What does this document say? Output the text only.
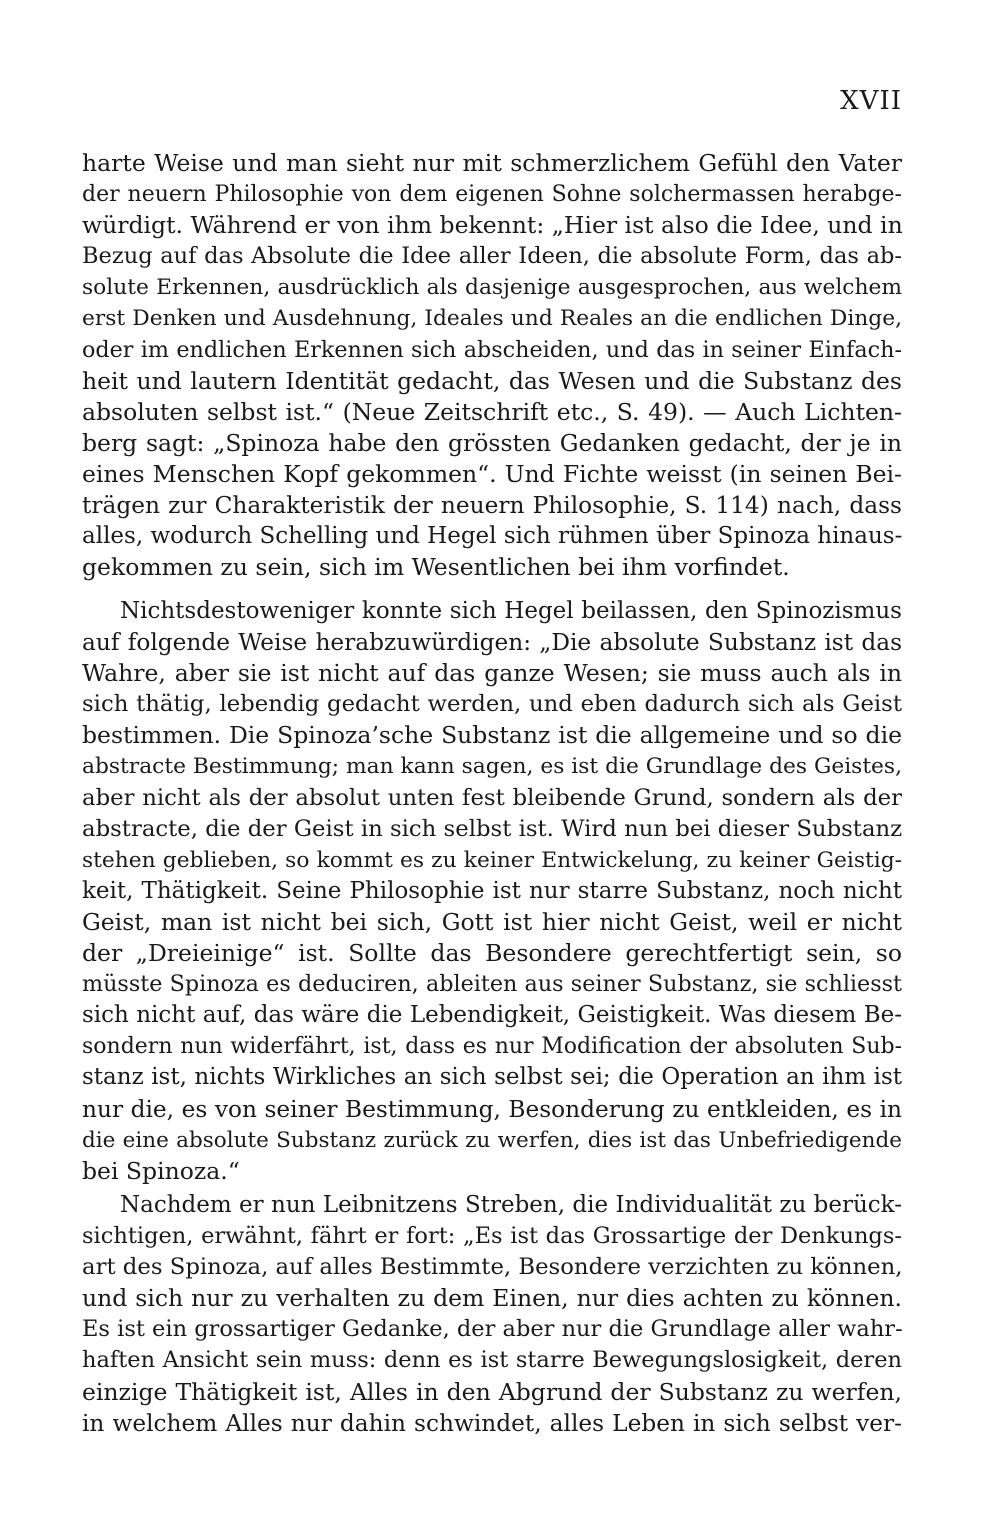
XVII
harte Weise und man sieht nur mit schmerzlichem Gefühl den Vater
der neuern Philosophie von dem eigenen Sohne solchermassen herabge-
würdigt. Während er von ihm bekennt: „Hier ist also die Idee, und in
Bezug auf das Absolute die Idee aller Ideen, die absolute Form, das ab-
solute Erkennen, ausdrücklich als dasjenige ausgesprochen, aus welchem
erst Denken und Ausdehnung, Ideales und Reales an die endlichen Dinge,
oder im endlichen Erkennen sich abscheiden, und das in seiner Einfach-
heit und lautern Identität gedacht, das Wesen und die Substanz des
absoluten selbst ist.“ (Neue Zeitschrift etc., S. 49). — Auch Lichten-
berg sagt: „Spinoza habe den grössten Gedanken gedacht, der je in
eines Menschen Kopf gekommen“. Und Fichte weisst (in seinen Bei-
trägen zur Charakteristik der neuern Philosophie, S. 114) nach, dass
alles, wodurch Schelling und Hegel sich rühmen über Spinoza hinaus-
gekommen zu sein, sich im Wesentlichen bei ihm vorfindet.
Nichtsdestoweniger konnte sich Hegel beilassen, den Spinozismus
auf folgende Weise herabzuwürdigen: „Die absolute Substanz ist das
Wahre, aber sie ist nicht auf das ganze Wesen; sie muss auch als in
sich thätig, lebendig gedacht werden, und eben dadurch sich als Geist
bestimmen. Die Spinoza’sche Substanz ist die allgemeine und so die
abstracte Bestimmung; man kann sagen, es ist die Grundlage des Geistes,
aber nicht als der absolut unten fest bleibende Grund, sondern als der
abstracte, die der Geist in sich selbst ist. Wird nun bei dieser Substanz
stehen geblieben, so kommt es zu keiner Entwickelung, zu keiner Geistig-
keit, Thätigkeit. Seine Philosophie ist nur starre Substanz, noch nicht
Geist, man ist nicht bei sich, Gott ist hier nicht Geist, weil er nicht
der „Dreieinige“ ist. Sollte das Besondere gerechtfertigt sein, so
müsste Spinoza es deduciren, ableiten aus seiner Substanz, sie schliesst
sich nicht auf, das wäre die Lebendigkeit, Geistigkeit. Was diesem Be-
sondern nun widerfährt, ist, dass es nur Modification der absoluten Sub-
stanz ist, nichts Wirkliches an sich selbst sei; die Operation an ihm ist
nur die, es von seiner Bestimmung, Besonderung zu entkleiden, es in
die eine absolute Substanz zurück zu werfen, dies ist das Unbefriedigende
bei Spinoza.“
Nachdem er nun Leibnitzens Streben, die Individualität zu berück-
sichtigen, erwähnt, fährt er fort: „Es ist das Grossartige der Denkungs-
art des Spinoza, auf alles Bestimmte, Besondere verzichten zu können,
und sich nur zu verhalten zu dem Einen, nur dies achten zu können.
Es ist ein grossartiger Gedanke, der aber nur die Grundlage aller wahr-
haften Ansicht sein muss: denn es ist starre Bewegungslosigkeit, deren
einzige Thätigkeit ist, Alles in den Abgrund der Substanz zu werfen,
in welchem Alles nur dahin schwindet, alles Leben in sich selbst ver-
